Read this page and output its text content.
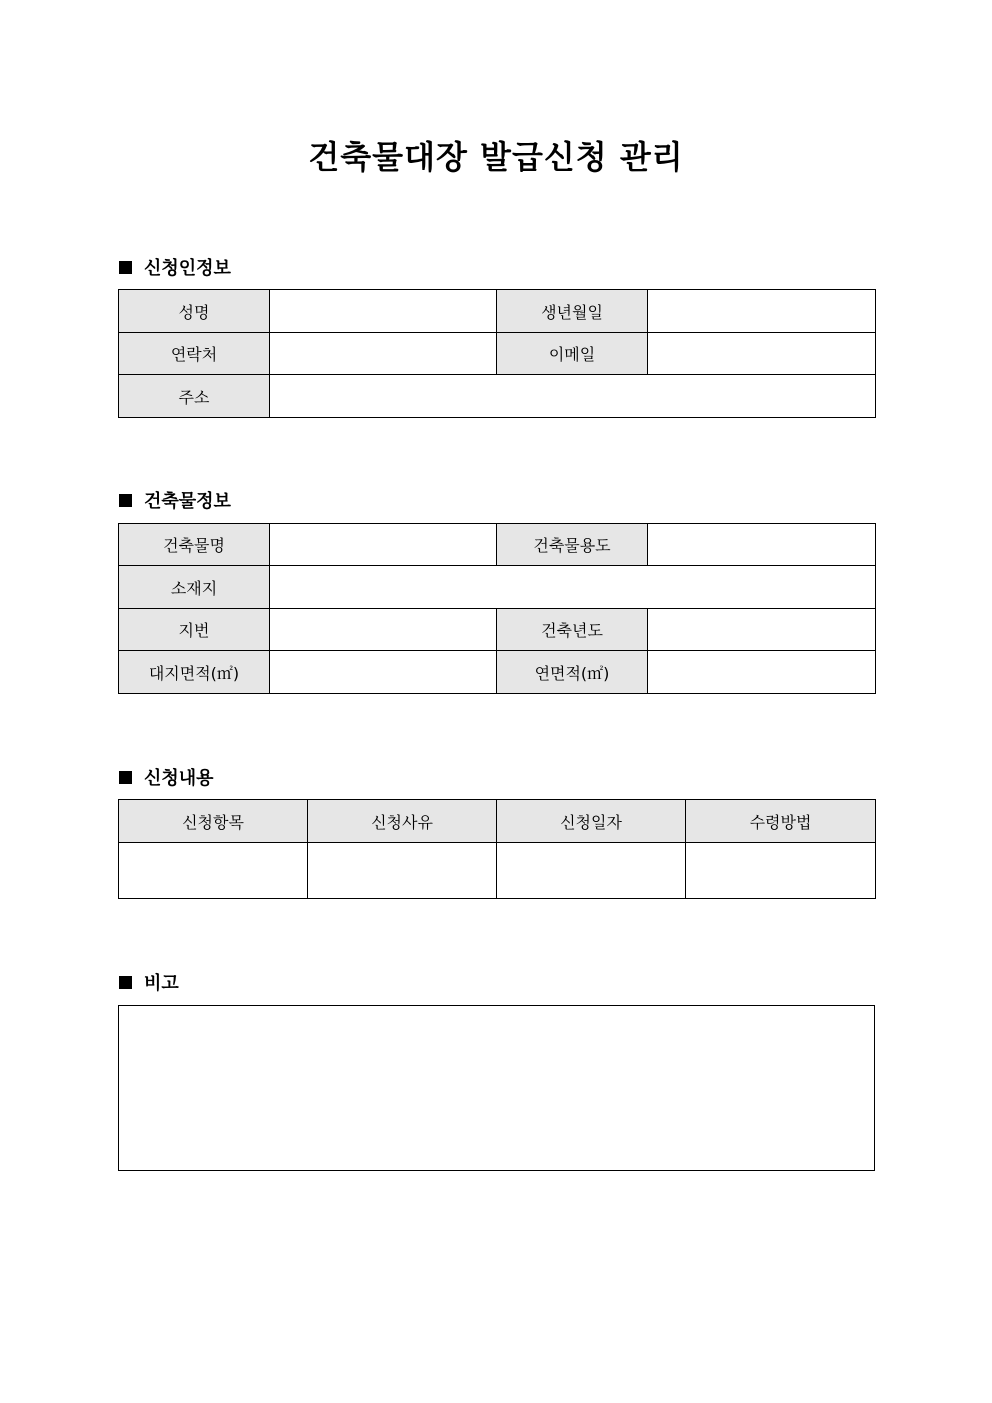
건축물대장 발급신청 관리
신청인정보
성명		생년월일	
연락처		이메일	
주소			
건축물정보
건축물명		건축물용도	
소재지			
지번		건축년도	
대지면적(㎡)		연면적(㎡)	
신청내용
신청항목	신청사유	신청일자	수령방법

비고
